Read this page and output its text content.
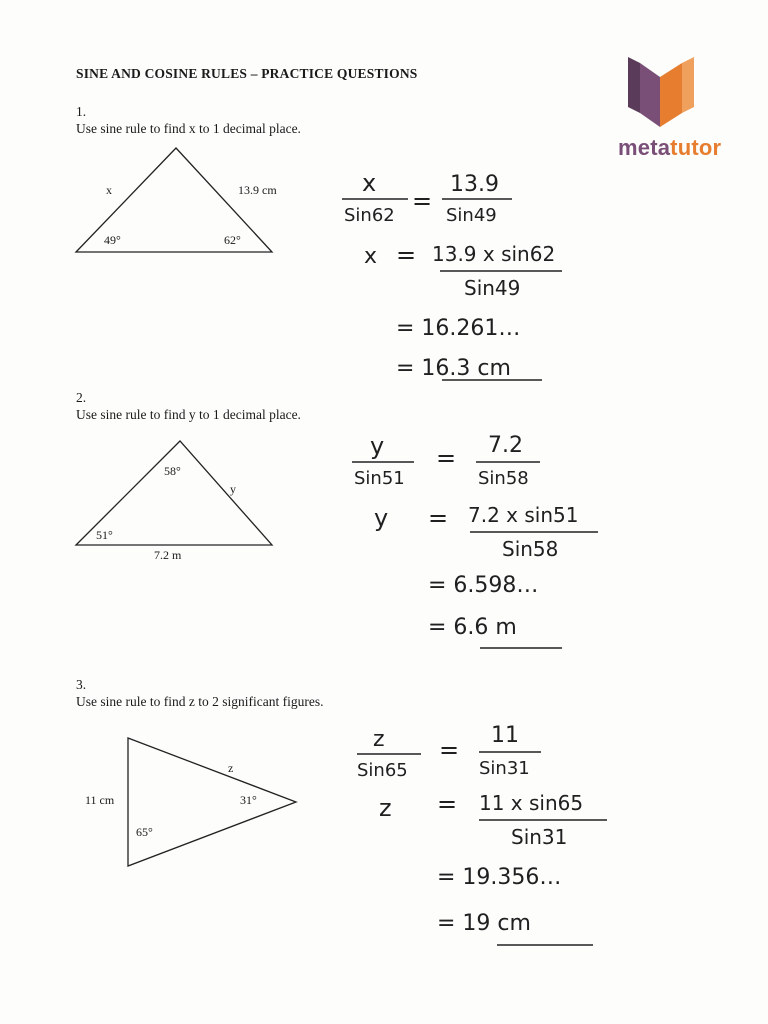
SINE AND COSINE RULES – PRACTICE QUESTIONS
metatutor
1.
Use sine rule to find x to 1 decimal place.
x	13.9 cm
49°	62°
x
Sin62
=
13.9
Sin49
x = 13.9 x sin62
Sin49
= 16.261…
= 16.3 cm
2.
Use sine rule to find y to 1 decimal place.
58°
y
51°
7.2 m
y
Sin51
= 7.2
Sin58
y = 7.2 x sin51
Sin58
= 6.598…
= 6.6 m
3.
Use sine rule to find z to 2 significant figures.
z
11 cm	31°
65°
z
Sin65
=
11
Sin31
z = 11 x sin65
Sin31
= 19.356…
= 19 cm
